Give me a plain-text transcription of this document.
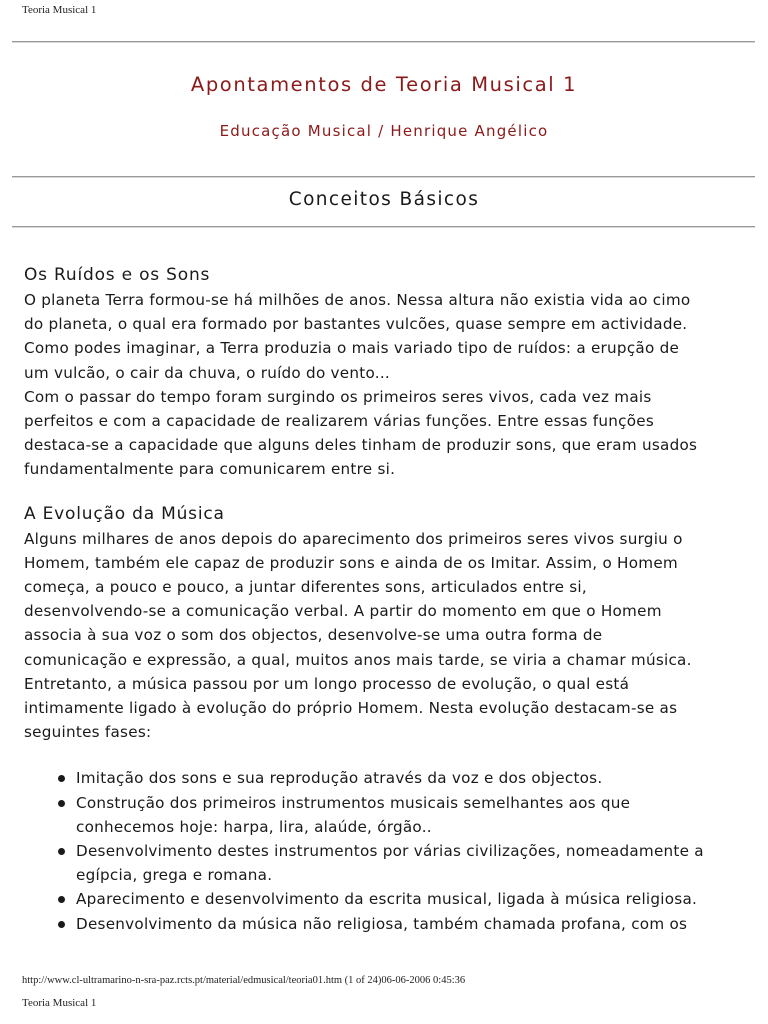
Teoria Musical 1
Apontamentos de Teoria Musical 1
Educação Musical / Henrique Angélico
Conceitos Básicos
Os Ruídos e os Sons

O planeta Terra formou-se há milhões de anos. Nessa altura não existia vida ao cimo
do planeta, o qual era formado por bastantes vulcões, quase sempre em actividade.
Como podes imaginar, a Terra produzia o mais variado tipo de ruídos: a erupção de
um vulcão, o cair da chuva, o ruído do vento...
Com o passar do tempo foram surgindo os primeiros seres vivos, cada vez mais
perfeitos e com a capacidade de realizarem várias funções. Entre essas funções
destaca-se a capacidade que alguns deles tinham de produzir sons, que eram usados
fundamentalmente para comunicarem entre si.

A Evolução da Música

Alguns milhares de anos depois do aparecimento dos primeiros seres vivos surgiu o
Homem, também ele capaz de produzir sons e ainda de os Imitar. Assim, o Homem
começa, a pouco e pouco, a juntar diferentes sons, articulados entre si,
desenvolvendo-se a comunicação verbal. A partir do momento em que o Homem
associa à sua voz o som dos objectos, desenvolve-se uma outra forma de
comunicação e expressão, a qual, muitos anos mais tarde, se viria a chamar música.
Entretanto, a música passou por um longo processo de evolução, o qual está
intimamente ligado à evolução do próprio Homem. Nesta evolução destacam-se as
seguintes fases:

Imitação dos sons e sua reprodução através da voz e dos objectos.
Construção dos primeiros instrumentos musicais semelhantes aos que
conhecemos hoje: harpa, lira, alaúde, órgão..
Desenvolvimento destes instrumentos por várias civilizações, nomeadamente a
egípcia, grega e romana.
Aparecimento e desenvolvimento da escrita musical, ligada à música religiosa.
Desenvolvimento da música não religiosa, também chamada profana, com os
http://www.cl-ultramarino-n-sra-paz.rcts.pt/material/edmusical/teoria01.htm (1 of 24)06-06-2006 0:45:36
Teoria Musical 1
